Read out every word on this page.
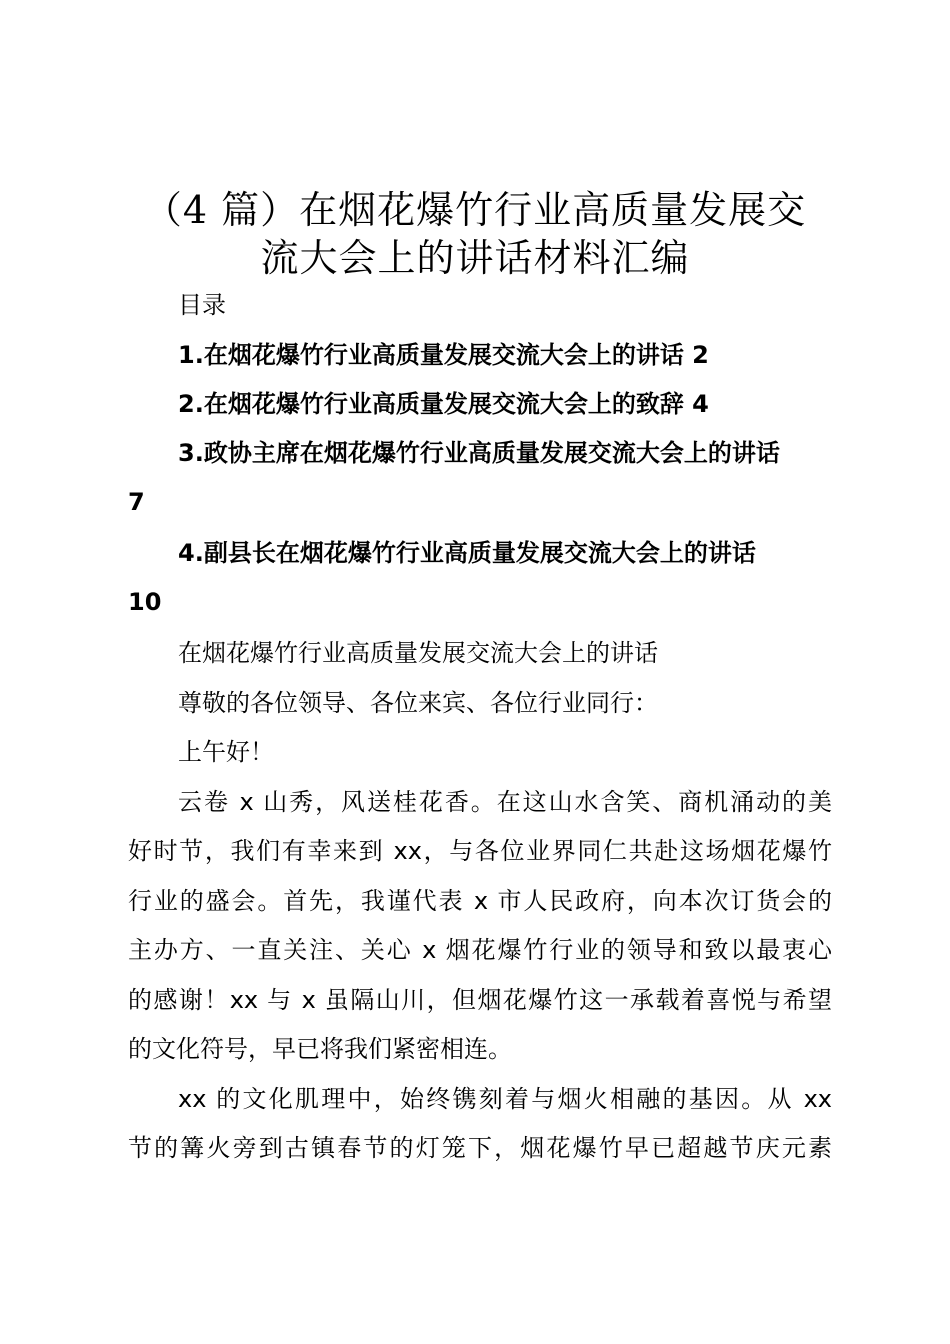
（4 篇）在烟花爆竹行业高质量发展交
流大会上的讲话材料汇编
目录
1.在烟花爆竹行业高质量发展交流大会上的讲话 2
2.在烟花爆竹行业高质量发展交流大会上的致辞 4
3.政协主席在烟花爆竹行业高质量发展交流大会上的讲话
7
4.副县长在烟花爆竹行业高质量发展交流大会上的讲话
10
在烟花爆竹行业高质量发展交流大会上的讲话
尊敬的各位领导、各位来宾、各位行业同行：
上午好！
云卷 x 山秀，风送桂花香。在这山水含笑、商机涌动的美
好时节，我们有幸来到 xx，与各位业界同仁共赴这场烟花爆竹
行业的盛会。首先，我谨代表 x 市人民政府，向本次订货会的
主办方、一直关注、关心 x 烟花爆竹行业的领导和致以最衷心
的感谢！xx 与 x 虽隔山川，但烟花爆竹这一承载着喜悦与希望
的文化符号，早已将我们紧密相连。
xx 的文化肌理中，始终镌刻着与烟火相融的基因。从 xx
节的篝火旁到古镇春节的灯笼下，烟花爆竹早已超越节庆元素
